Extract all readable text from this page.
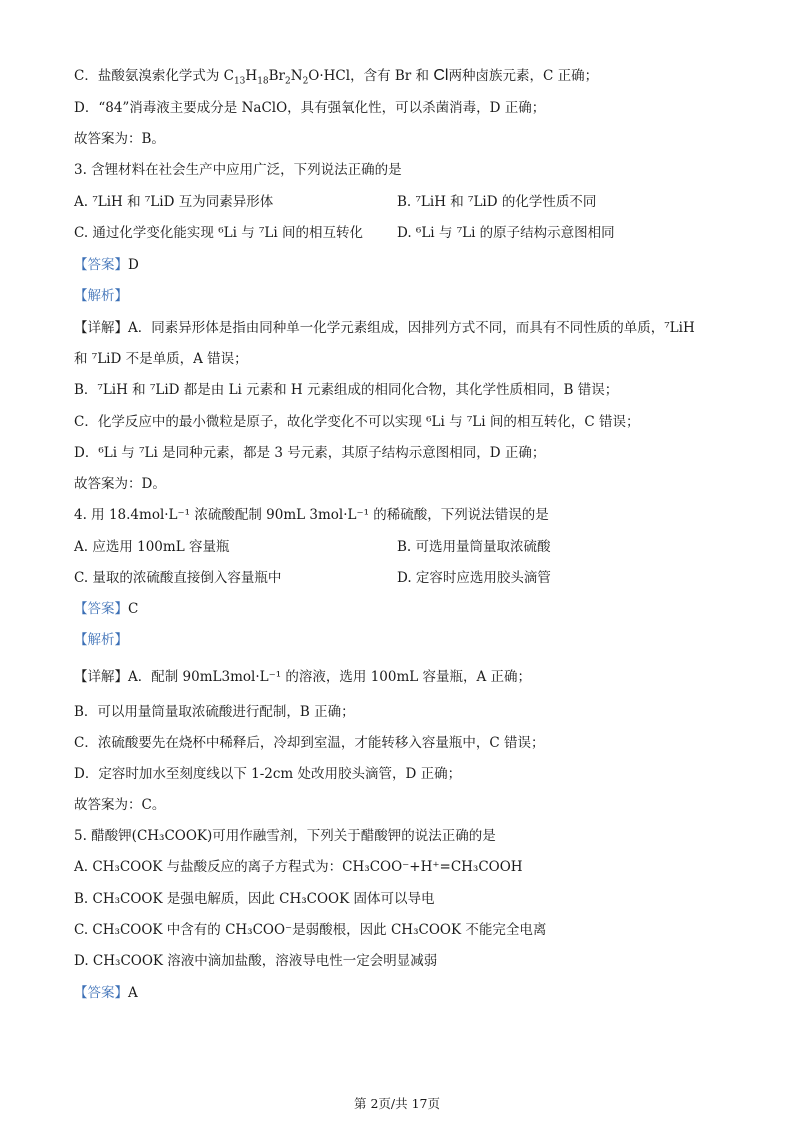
C．盐酸氨溴索化学式为 $C_{13}H_{18}Br_2N_2O\cdot HCl$，含有 Br 和 Cl两种卤族元素，C 正确；
D．“84”消毒液主要成分是 NaClO，具有强氧化性，可以杀菌消毒，D 正确；
故答案为：B。
3. 含锂材料在社会生产中应用广泛，下列说法正确的是
A. ⁷LiH 和 ⁷LiD 互为同素异形体	B. ⁷LiH 和 ⁷LiD 的化学性质不同
C. 通过化学变化能实现 ⁶Li 与 ⁷Li 间的相互转化	D. ⁶Li 与 ⁷Li 的原子结构示意图相同
【答案】D
【解析】
【详解】A．同素异形体是指由同种单一化学元素组成，因排列方式不同，而具有不同性质的单质，⁷LiH
和 ⁷LiD 不是单质，A 错误；
B．⁷LiH 和 ⁷LiD 都是由 Li 元素和 H 元素组成的相同化合物，其化学性质相同，B 错误；
C．化学反应中的最小微粒是原子，故化学变化不可以实现 ⁶Li 与 ⁷Li 间的相互转化，C 错误；
D．⁶Li 与 ⁷Li 是同种元素，都是 3 号元素，其原子结构示意图相同，D 正确；
故答案为：D。
4. 用 18.4mol·L⁻¹ 浓硫酸配制 90mL 3mol·L⁻¹ 的稀硫酸，下列说法错误的是
A. 应选用 100mL 容量瓶	B. 可选用量筒量取浓硫酸
C. 量取的浓硫酸直接倒入容量瓶中	D. 定容时应选用胶头滴管
【答案】C
【解析】
【详解】A．配制 90mL3mol·L⁻¹ 的溶液，选用 100mL 容量瓶，A 正确；
B．可以用量筒量取浓硫酸进行配制，B 正确；
C．浓硫酸要先在烧杯中稀释后，冷却到室温，才能转移入容量瓶中，C 错误；
D．定容时加水至刻度线以下 1-2cm 处改用胶头滴管，D 正确；
故答案为：C。
5. 醋酸钾(CH₃COOK)可用作融雪剂，下列关于醋酸钾的说法正确的是
A. CH₃COOK 与盐酸反应的离子方程式为：CH₃COO⁻+H⁺=CH₃COOH
B. CH₃COOK 是强电解质，因此 CH₃COOK 固体可以导电
C. CH₃COOK 中含有的 CH₃COO⁻是弱酸根，因此 CH₃COOK 不能完全电离
D. CH₃COOK 溶液中滴加盐酸，溶液导电性一定会明显减弱
【答案】A
第 2页/共 17页
